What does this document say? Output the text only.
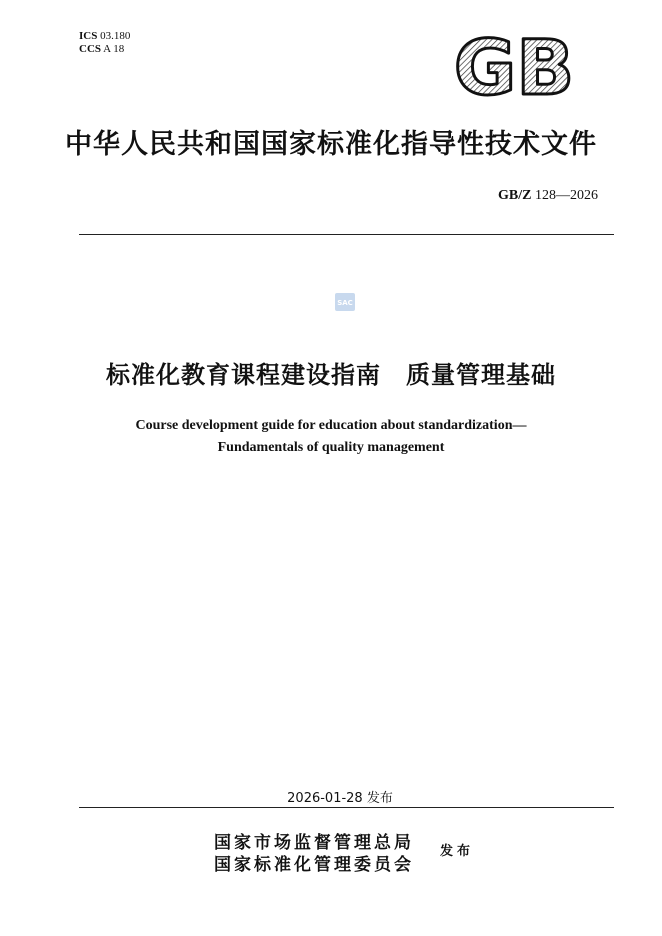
ICS 03.180
CCS A 18	GB
中华人民共和国国家标准化指导性技术文件
GB/Z 128—2026
SAC
标准化教育课程建设指南　质量管理基础
Course development guide for education about standardization—
Fundamentals of quality management
2026-01-28 发布
国家市场监督管理总局
国家标准化管理委员会
发布
